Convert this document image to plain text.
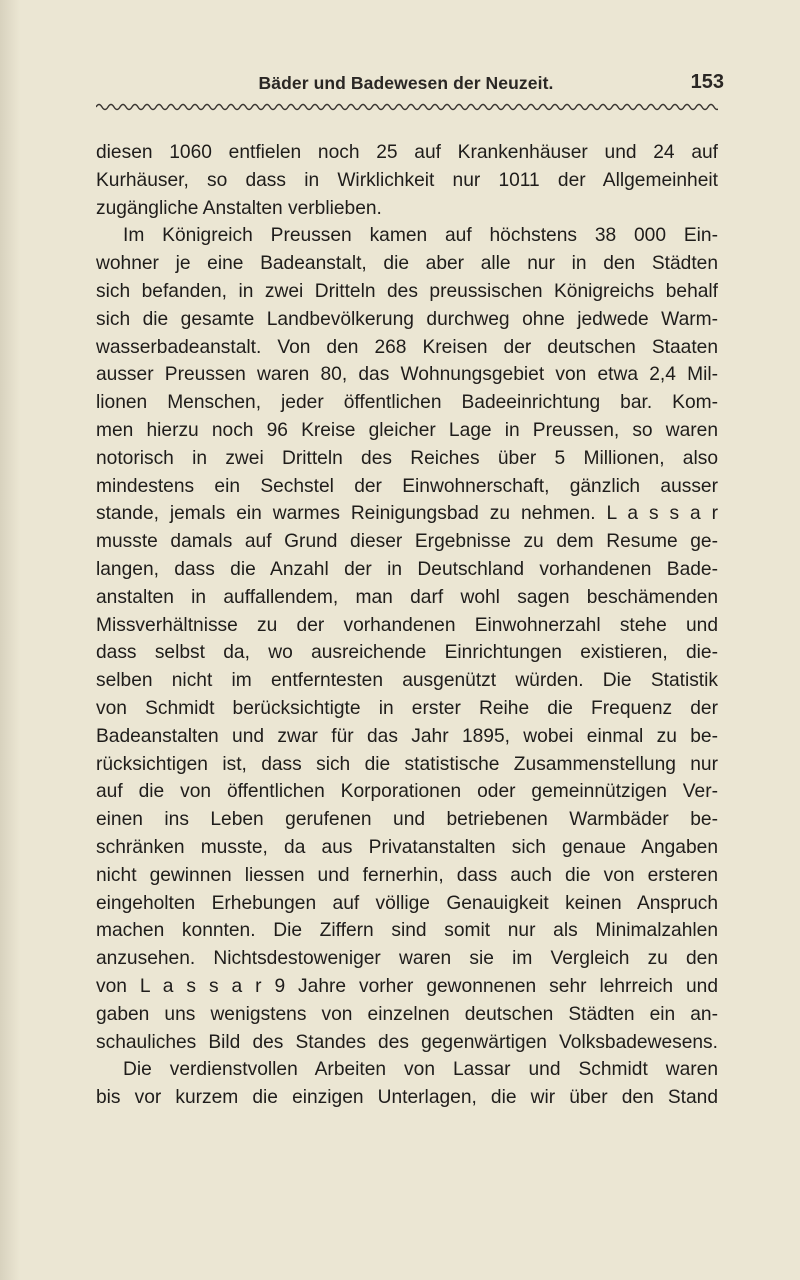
Bäder und Badewesen der Neuzeit.	153
diesen 1060 entfielen noch 25 auf Krankenhäuser und 24 auf
Kurhäuser, so dass in Wirklichkeit nur 1011 der Allgemeinheit
zugängliche Anstalten verblieben.
Im Königreich Preussen kamen auf höchstens 38 000 Ein-
wohner je eine Badeanstalt, die aber alle nur in den Städten
sich befanden, in zwei Dritteln des preussischen Königreichs behalf
sich die gesamte Landbevölkerung durchweg ohne jedwede Warm-
wasserbadeanstalt. Von den 268 Kreisen der deutschen Staaten
ausser Preussen waren 80, das Wohnungsgebiet von etwa 2,4 Mil-
lionen Menschen, jeder öffentlichen Badeeinrichtung bar. Kom-
men hierzu noch 96 Kreise gleicher Lage in Preussen, so waren
notorisch in zwei Dritteln des Reiches über 5 Millionen, also
mindestens ein Sechstel der Einwohnerschaft, gänzlich ausser
stande, jemals ein warmes Reinigungsbad zu nehmen. L a s s a r
musste damals auf Grund dieser Ergebnisse zu dem Resume ge-
langen, dass die Anzahl der in Deutschland vorhandenen Bade-
anstalten in auffallendem, man darf wohl sagen beschämenden
Missverhältnisse zu der vorhandenen Einwohnerzahl stehe und
dass selbst da, wo ausreichende Einrichtungen existieren, die-
selben nicht im entferntesten ausgenützt würden. Die Statistik
von Schmidt berücksichtigte in erster Reihe die Frequenz der
Badeanstalten und zwar für das Jahr 1895, wobei einmal zu be-
rücksichtigen ist, dass sich die statistische Zusammenstellung nur
auf die von öffentlichen Korporationen oder gemeinnützigen Ver-
einen ins Leben gerufenen und betriebenen Warmbäder be-
schränken musste, da aus Privatanstalten sich genaue Angaben
nicht gewinnen liessen und fernerhin, dass auch die von ersteren
eingeholten Erhebungen auf völlige Genauigkeit keinen Anspruch
machen konnten. Die Ziffern sind somit nur als Minimalzahlen
anzusehen. Nichtsdestoweniger waren sie im Vergleich zu den
von L a s s a r 9 Jahre vorher gewonnenen sehr lehrreich und
gaben uns wenigstens von einzelnen deutschen Städten ein an-
schauliches Bild des Standes des gegenwärtigen Volksbadewesens.
Die verdienstvollen Arbeiten von Lassar und Schmidt waren
bis vor kurzem die einzigen Unterlagen, die wir über den Stand
